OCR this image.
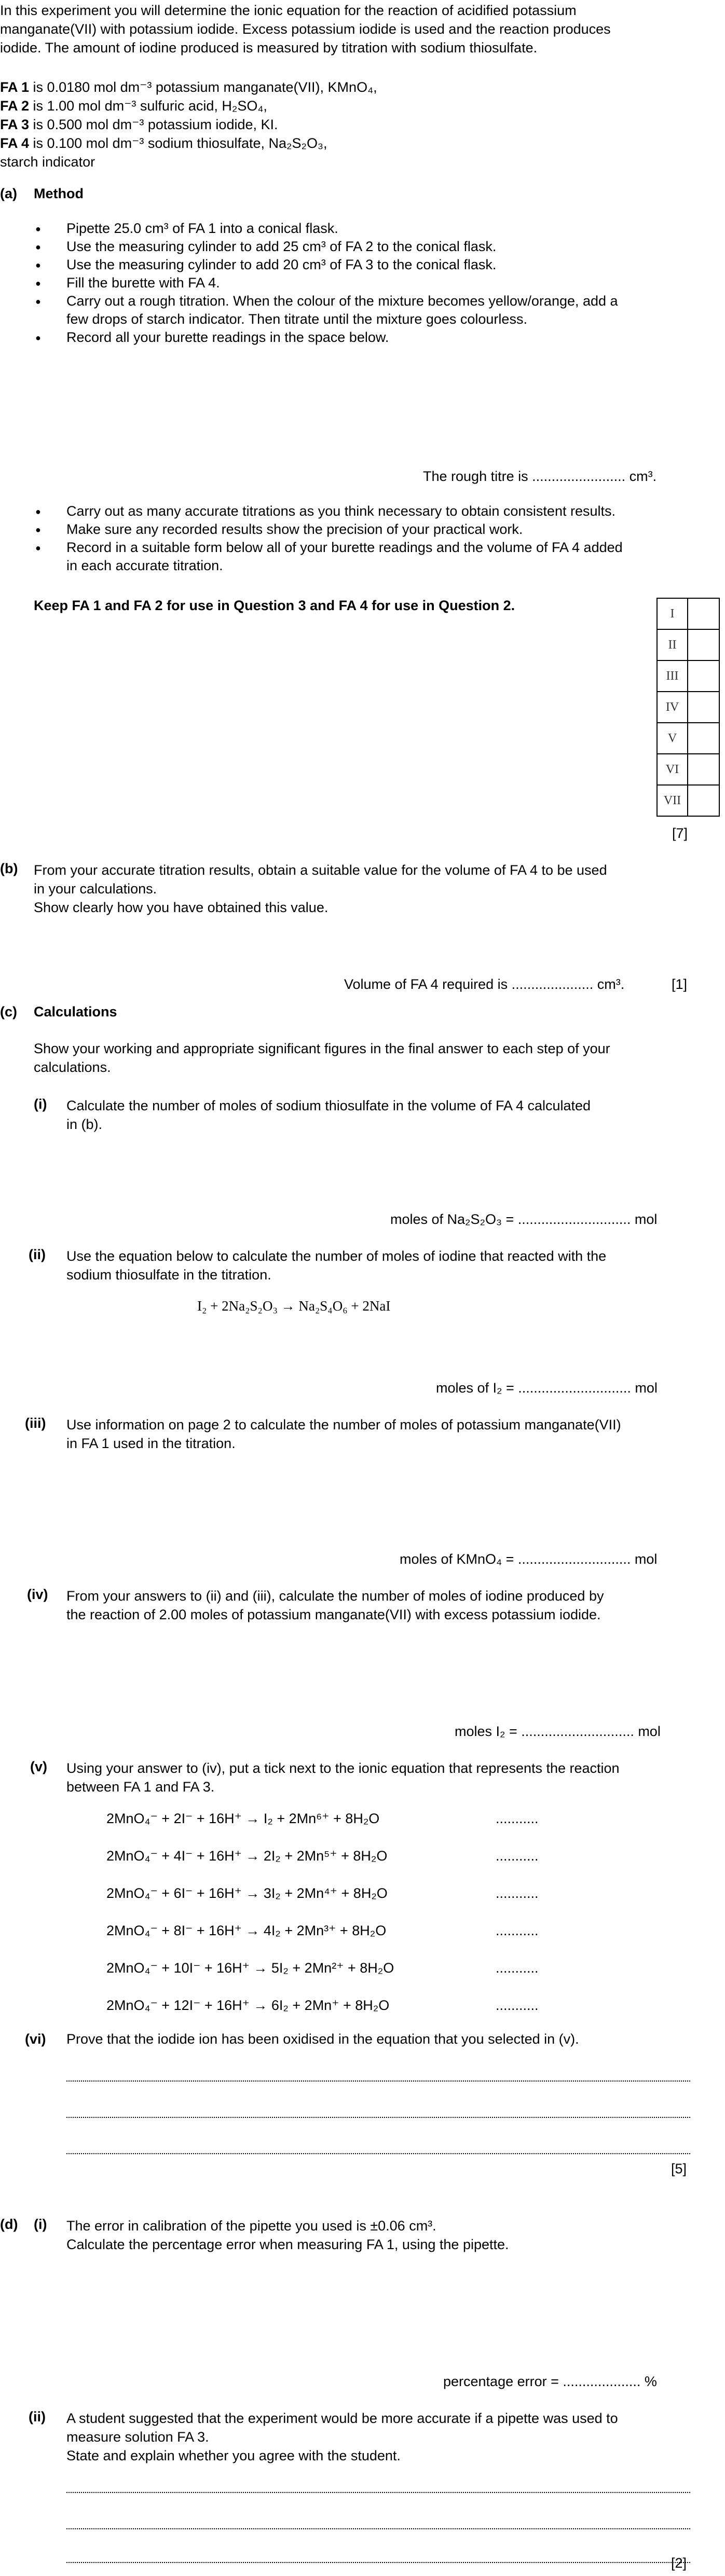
In this experiment you will determine the ionic equation for the reaction of acidified potassium
manganate(VII) with potassium iodide. Excess potassium iodide is used and the reaction produces
iodide. The amount of iodine produced is measured by titration with sodium thiosulfate.
FA 1 is 0.0180 mol dm⁻³ potassium manganate(VII), KMnO₄,
FA 2 is 1.00 mol dm⁻³ sulfuric acid, H₂SO₄,
FA 3 is 0.500 mol dm⁻³ potassium iodide, KI.
FA 4 is 0.100 mol dm⁻³ sodium thiosulfate, Na₂S₂O₃,
starch indicator
(a) Method
● Pipette 25.0 cm³ of FA 1 into a conical flask.
● Use the measuring cylinder to add 25 cm³ of FA 2 to the conical flask.
● Use the measuring cylinder to add 20 cm³ of FA 3 to the conical flask.
● Fill the burette with FA 4.
● Carry out a rough titration. When the colour of the mixture becomes yellow/orange, add a
few drops of starch indicator. Then titrate until the mixture goes colourless.
● Record all your burette readings in the space below.
The rough titre is ........................ cm³.
● Carry out as many accurate titrations as you think necessary to obtain consistent results.
● Make sure any recorded results show the precision of your practical work.
● Record in a suitable form below all of your burette readings and the volume of FA 4 added
in each accurate titration.
Keep FA 1 and FA 2 for use in Question 3 and FA 4 for use in Question 2.
I	
II	
III	
IV	
V	
VI	
VII	
[7]
(b) From your accurate titration results, obtain a suitable value for the volume of FA 4 to be used
in your calculations.
Show clearly how you have obtained this value.
Volume of FA 4 required is ..................... cm³.	[1]
(c) Calculations
Show your working and appropriate significant figures in the final answer to each step of your
calculations.
(i) Calculate the number of moles of sodium thiosulfate in the volume of FA 4 calculated
in (b).
moles of Na₂S₂O₃ = ............................. mol
(ii) Use the equation below to calculate the number of moles of iodine that reacted with the
sodium thiosulfate in the titration.
I₂ + 2Na₂S₂O₃ → Na₂S₄O₆ + 2NaI
moles of I₂ = ............................. mol
(iii) Use information on page 2 to calculate the number of moles of potassium manganate(VII)
in FA 1 used in the titration.
moles of KMnO₄ = ............................. mol
(iv) From your answers to (ii) and (iii), calculate the number of moles of iodine produced by
the reaction of 2.00 moles of potassium manganate(VII) with excess potassium iodide.
moles I₂ = ............................. mol
(v) Using your answer to (iv), put a tick next to the ionic equation that represents the reaction
between FA 1 and FA 3.
2MnO₄⁻ + 2I⁻ + 16H⁺ → I₂ + 2Mn⁶⁺ + 8H₂O	...........
2MnO₄⁻ + 4I⁻ + 16H⁺ → 2I₂ + 2Mn⁵⁺ + 8H₂O	...........
2MnO₄⁻ + 6I⁻ + 16H⁺ → 3I₂ + 2Mn⁴⁺ + 8H₂O	...........
2MnO₄⁻ + 8I⁻ + 16H⁺ → 4I₂ + 2Mn³⁺ + 8H₂O	...........
2MnO₄⁻ + 10I⁻ + 16H⁺ → 5I₂ + 2Mn²⁺ + 8H₂O	...........
2MnO₄⁻ + 12I⁻ + 16H⁺ → 6I₂ + 2Mn⁺ + 8H₂O	...........
(vi) Prove that the iodide ion has been oxidised in the equation that you selected in (v).
[5]
(d) (i) The error in calibration of the pipette you used is ±0.06 cm³.
Calculate the percentage error when measuring FA 1, using the pipette.
percentage error = .................... %
(ii) A student suggested that the experiment would be more accurate if a pipette was used to
measure solution FA 3.
State and explain whether you agree with the student.
[2]
